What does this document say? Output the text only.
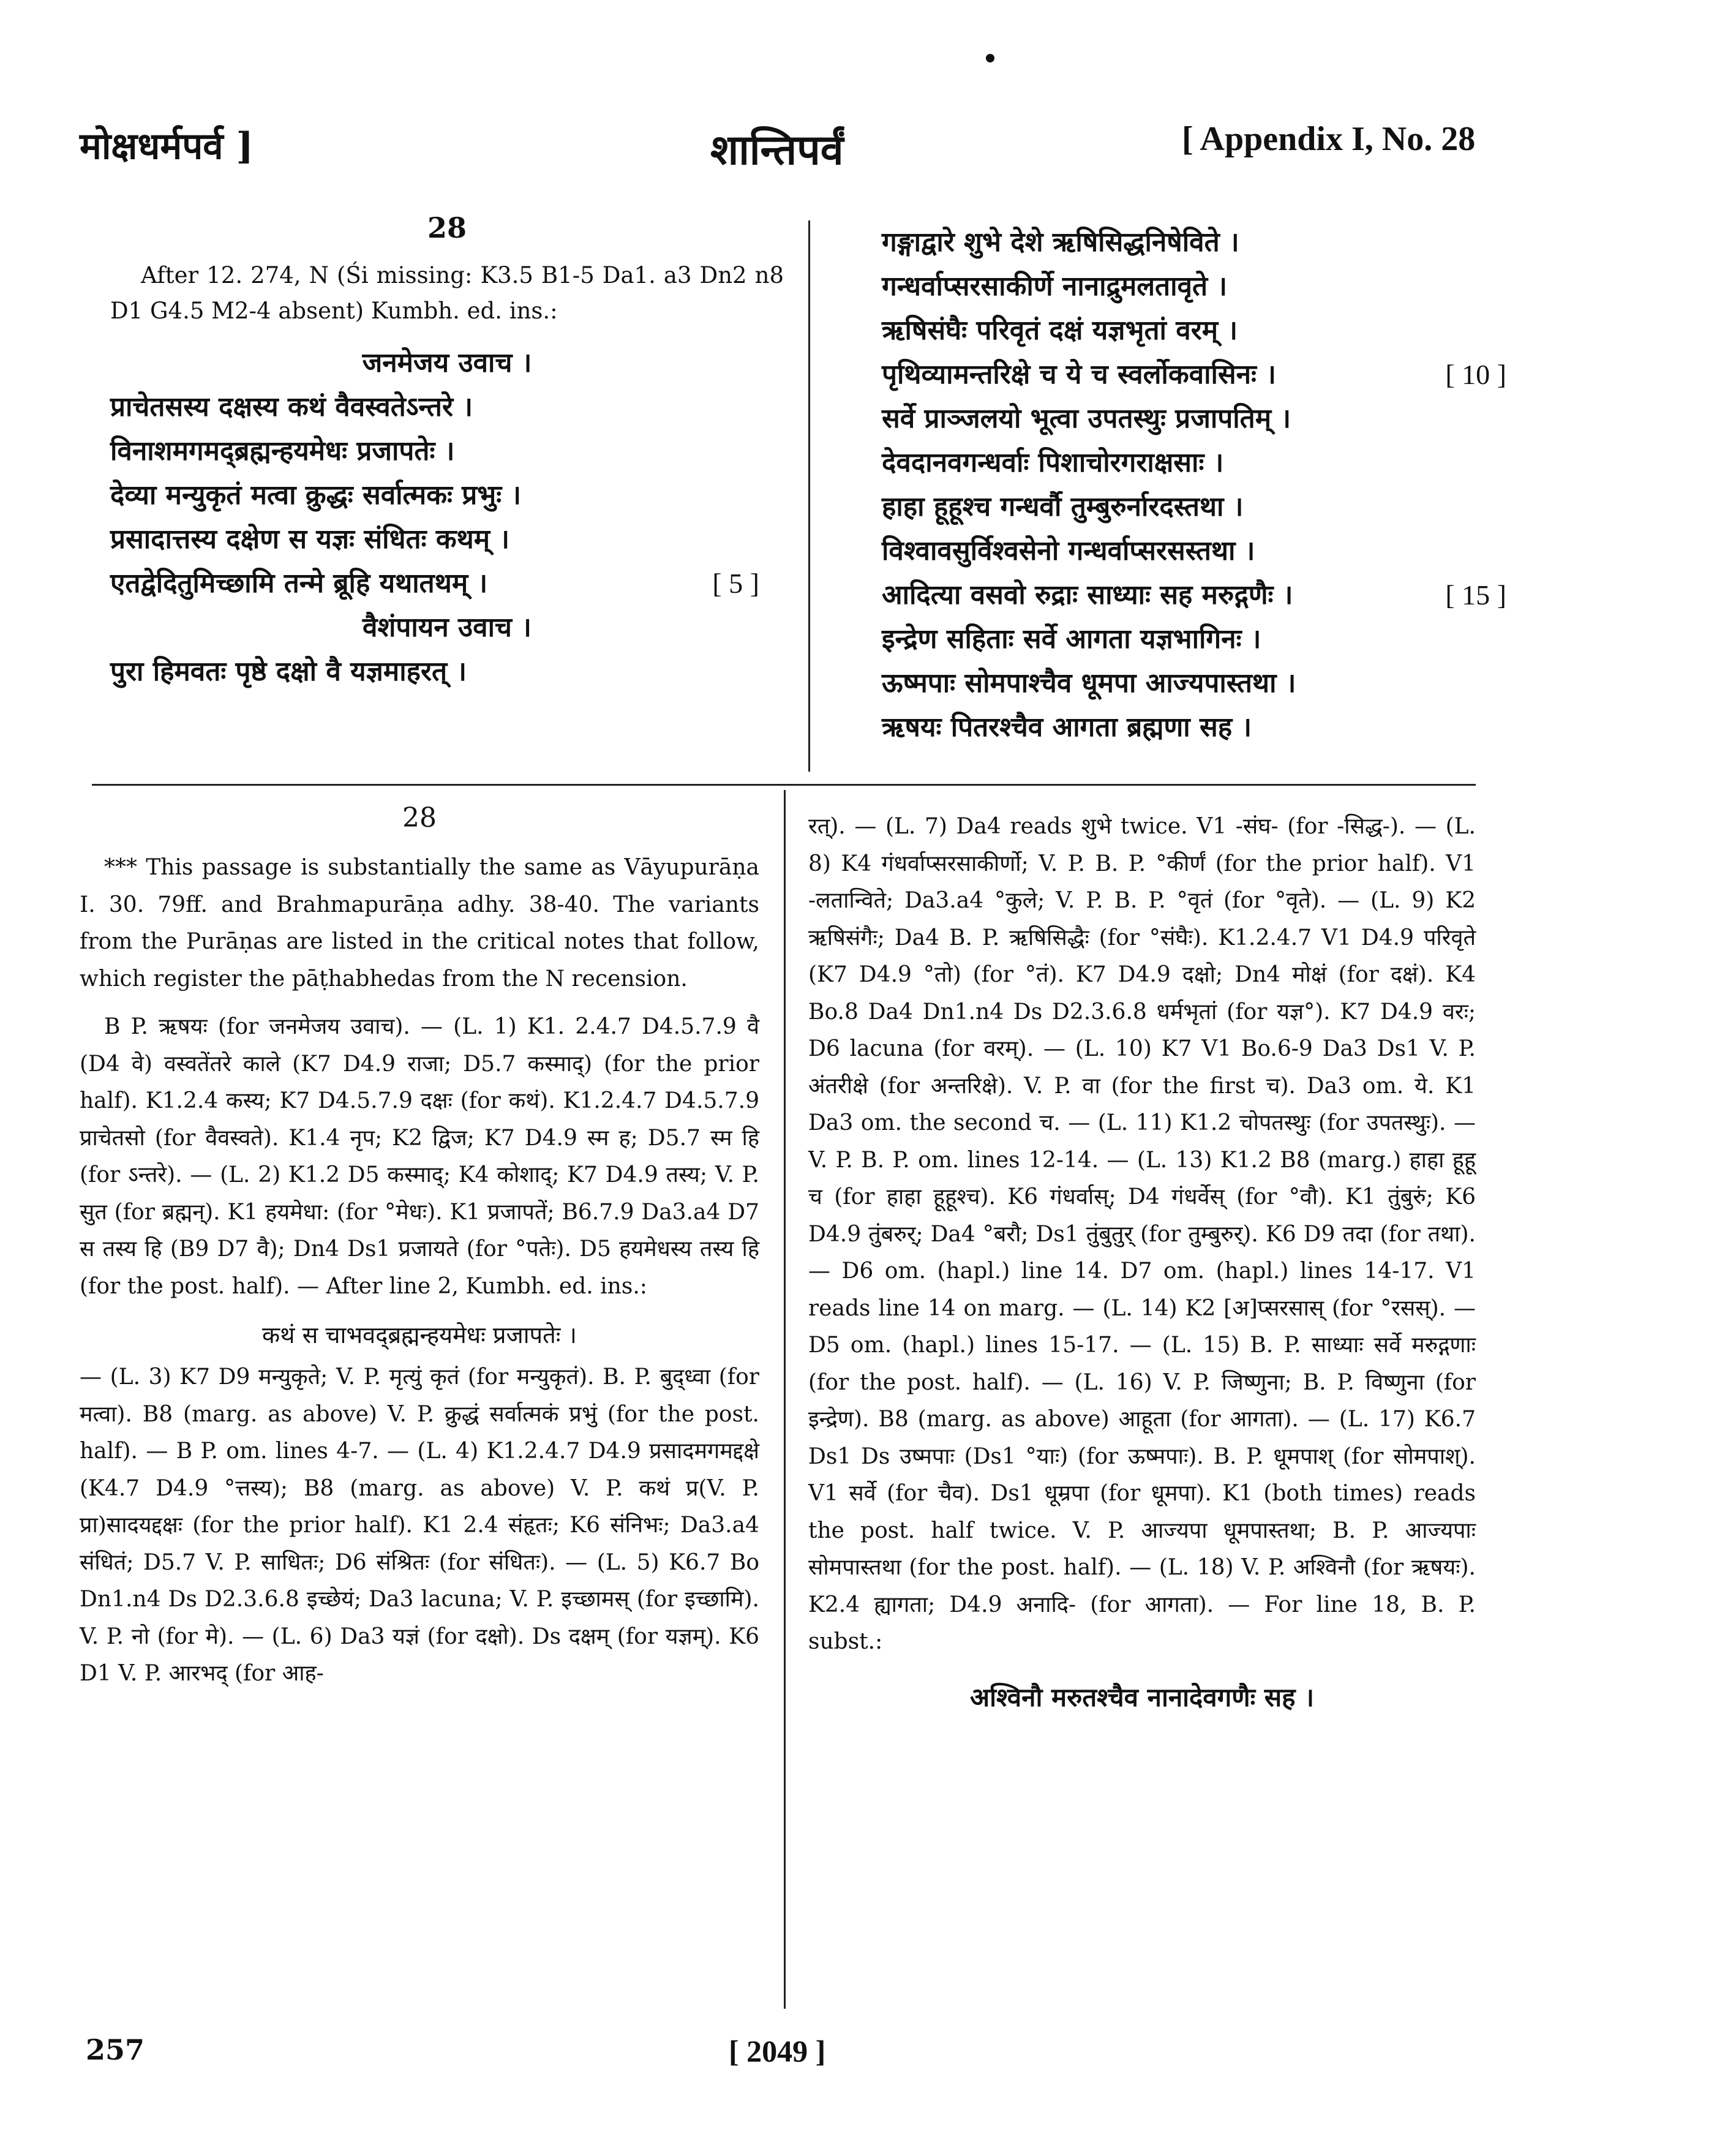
मोक्षधर्मपर्व ]	शान्तिपर्वं	[ Appendix I, No. 28
28

After 12. 274, N (Śi missing: K3.5 B1-5 Da1. a3 Dn2 n8 D1 G4.5 M2-4 absent) Kumbh. ed. ins.:

जनमेजय उवाच ।

प्राचेतसस्य दक्षस्य कथं वैवस्वतेऽन्तरे ।

विनाशमगमद्ब्रह्मन्हयमेधः प्रजापतेः ।

देव्या मन्युकृतं मत्वा क्रुद्धः सर्वात्मकः प्रभुः ।

प्रसादात्तस्य दक्षेण स यज्ञः संधितः कथम् ।

एतद्वेदितुमिच्छामि तन्मे ब्रूहि यथातथम् ।	[ 5 ]

वैशंपायन उवाच ।

पुरा हिमवतः पृष्ठे दक्षो वै यज्ञमाहरत् ।

गङ्गाद्वारे शुभे देशे ऋषिसिद्धनिषेविते ।

गन्धर्वाप्सरसाकीर्णे नानाद्रुमलतावृते ।

ऋषिसंघैः परिवृतं दक्षं यज्ञभृतां वरम् ।

पृथिव्यामन्तरिक्षे च ये च स्वर्लोकवासिनः ।	[ 10 ]

सर्वे प्राञ्जलयो भूत्वा उपतस्थुः प्रजापतिम् ।

देवदानवगन्धर्वाः पिशाचोरगराक्षसाः ।

हाहा हूहूश्च गन्धर्वौ तुम्बुरुर्नारदस्तथा ।

विश्वावसुर्विश्वसेनो गन्धर्वाप्सरसस्तथा ।

आदित्या वसवो रुद्राः साध्याः सह मरुद्गणैः ।	[ 15 ]

इन्द्रेण सहिताः सर्वे आगता यज्ञभागिनः ।

ऊष्मपाः सोमपाश्चैव धूमपा आज्यपास्तथा ।

ऋषयः पितरश्चैव आगता ब्रह्मणा सह ।

28

*** This passage is substantially the same as Vāyupurāṇa I. 30. 79ff. and Brahmapurāṇa adhy. 38-40. The variants from the Purāṇas are listed in the critical notes that follow, which register the pāṭhabhedas from the N recension.

B P. ऋषयः (for जनमेजय उवाच). — (L. 1) K1. 2.4.7 D4.5.7.9 वै (D4 वे) वस्वतेंतरे काले (K7 D4.9 राजा; D5.7 कस्माद्) (for the prior half). K1.2.4 कस्य; K7 D4.5.7.9 दक्षः (for कथं). K1.2.4.7 D4.5.7.9 प्राचेतसो (for वैवस्वते). K1.4 नृप; K2 द्विज; K7 D4.9 स्म ह; D5.7 स्म हि (for ऽन्तरे). — (L. 2) K1.2 D5 कस्माद्; K4 कोशाद्; K7 D4.9 तस्य; V. P. सुत (for ब्रह्मन्). K1 हयमेधा: (for °मेधः). K1 प्रजापतें; B6.7.9 Da3.a4 D7 स तस्य हि (B9 D7 वै); Dn4 Ds1 प्रजायते (for °पतेः). D5 हयमेधस्य तस्य हि (for the post. half). — After line 2, Kumbh. ed. ins.:

कथं स चाभवद्ब्रह्मन्हयमेधः प्रजापतेः ।

— (L. 3) K7 D9 मन्युकृते; V. P. मृत्युं कृतं (for मन्युकृतं). B. P. बुद्ध्वा (for मत्वा). B8 (marg. as above) V. P. क्रुद्धं सर्वात्मकं प्रभुं (for the post. half). — B P. om. lines 4-7. — (L. 4) K1.2.4.7 D4.9 प्रसादमगमद्दक्षे (K4.7 D4.9 °त्तस्य); B8 (marg. as above) V. P. कथं प्र(V. P. प्रा)सादयद्दक्षः (for the prior half). K1 2.4 संहृतः; K6 संनिभः; Da3.a4 संधितं; D5.7 V. P. साधितः; D6 संश्रितः (for संधितः). — (L. 5) K6.7 Bo Dn1.n4 Ds D2.3.6.8 इच्छेयं; Da3 lacuna; V. P. इच्छामस् (for इच्छामि). V. P. नो (for मे). — (L. 6) Da3 यज्ञं (for दक्षो). Ds दक्षम् (for यज्ञम्). K6 D1 V. P. आरभद् (for आह-

रत्). — (L. 7) Da4 reads शुभे twice. V1 -संघ- (for -सिद्ध-). — (L. 8) K4 गंधर्वाप्सरसाकीर्णो; V. P. B. P. °कीर्णं (for the prior half). V1 -लतान्विते; Da3.a4 °कुले; V. P. B. P. °वृतं (for °वृते). — (L. 9) K2 ऋषिसंगैः; Da4 B. P. ऋषिसिद्धैः (for °संघैः). K1.2.4.7 V1 D4.9 परिवृते (K7 D4.9 °तो) (for °तं). K7 D4.9 दक्षो; Dn4 मोक्षं (for दक्षं). K4 Bo.8 Da4 Dn1.n4 Ds D2.3.6.8 धर्मभृतां (for यज्ञ°). K7 D4.9 वरः; D6 lacuna (for वरम्). — (L. 10) K7 V1 Bo.6-9 Da3 Ds1 V. P. अंतरीक्षे (for अन्तरिक्षे). V. P. वा (for the first च). Da3 om. ये. K1 Da3 om. the second च. — (L. 11) K1.2 चोपतस्थुः (for उपतस्थुः). — V. P. B. P. om. lines 12-14. — (L. 13) K1.2 B8 (marg.) हाहा हूहू च (for हाहा हूहूश्च). K6 गंधर्वास्; D4 गंधर्वेस् (for °वौ). K1 तुंबुरुं; K6 D4.9 तुंबरुर्; Da4 °बरौ; Ds1 तुंबुतुर् (for तुम्बुरुर्). K6 D9 तदा (for तथा). — D6 om. (hapl.) line 14. D7 om. (hapl.) lines 14-17. V1 reads line 14 on marg. — (L. 14) K2 [अ]प्सरसास् (for °रसस्). — D5 om. (hapl.) lines 15-17. — (L. 15) B. P. साध्याः सर्वे मरुद्गणाः (for the post. half). — (L. 16) V. P. जिष्णुना; B. P. विष्णुना (for इन्द्रेण). B8 (marg. as above) आहूता (for आगता). — (L. 17) K6.7 Ds1 Ds उष्मपाः (Ds1 °याः) (for ऊष्मपाः). B. P. धूमपाश् (for सोमपाश्). V1 सर्वे (for चैव). Ds1 धूम्रपा (for धूमपा). K1 (both times) reads the post. half twice. V. P. आज्यपा धूमपास्तथा; B. P. आज्यपाः सोमपास्तथा (for the post. half). — (L. 18) V. P. अश्विनौ (for ऋषयः). K2.4 ह्यागता; D4.9 अनादि- (for आगता). — For line 18, B. P. subst.:

अश्विनौ मरुतश्चैव नानादेवगणैः सह ।

257	[ 2049 ]
